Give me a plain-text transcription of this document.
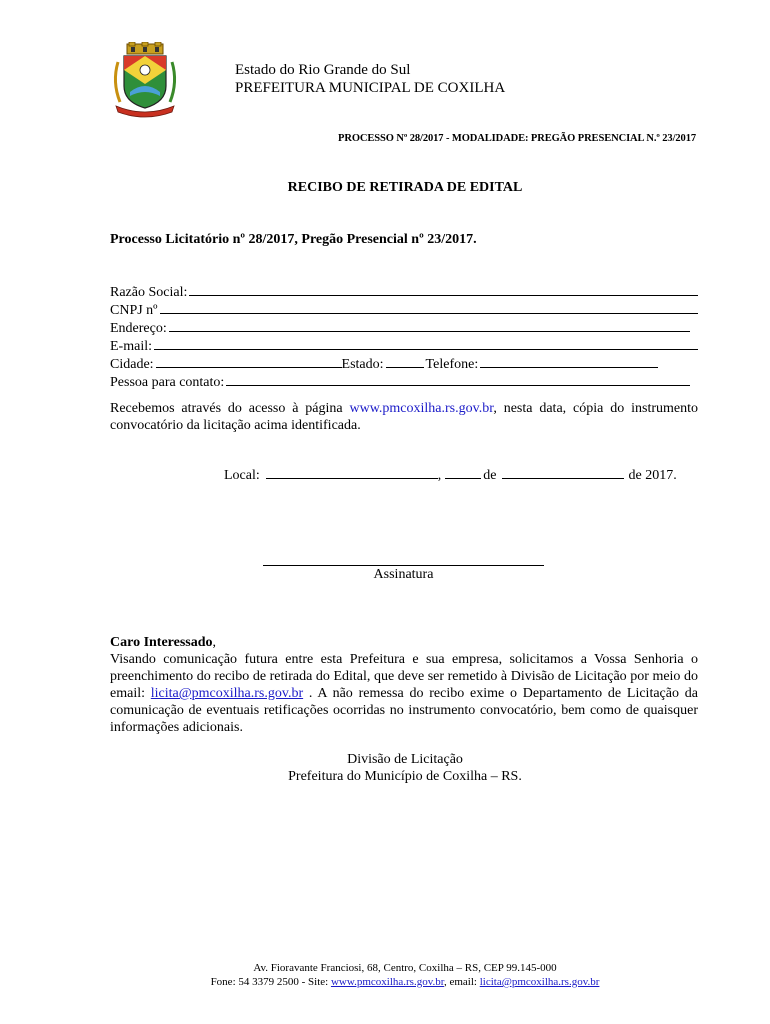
Estado do Rio Grande do Sul
PREFEITURA MUNICIPAL DE COXILHA
PROCESSO Nº 28/2017 - MODALIDADE: PREGÃO PRESENCIAL N.º 23/2017
RECIBO DE RETIRADA DE EDITAL
Processo Licitatório nº 28/2017, Pregão Presencial nº 23/2017.
Razão Social:
CNPJ nº
Endereço:
E-mail:
Cidade:	Estado:	Telefone:
Pessoa para contato:
Recebemos através do acesso à página www.pmcoxilha.rs.gov.br, nesta data, cópia do instrumento convocatório da licitação acima identificada.
Local:	,	de	de 2017.
Assinatura
Caro Interessado,
Visando comunicação futura entre esta Prefeitura e sua empresa, solicitamos a Vossa Senhoria o preenchimento do recibo de retirada do Edital, que deve ser remetido à Divisão de Licitação por meio do email: licita@pmcoxilha.rs.gov.br . A não remessa do recibo exime o Departamento de Licitação da comunicação de eventuais retificações ocorridas no instrumento convocatório, bem como de quaisquer informações adicionais.
Divisão de Licitação
Prefeitura do Município de Coxilha – RS.
Av. Fioravante Franciosi, 68, Centro, Coxilha – RS, CEP 99.145-000
Fone: 54 3379 2500 - Site: www.pmcoxilha.rs.gov.br, email: licita@pmcoxilha.rs.gov.br
